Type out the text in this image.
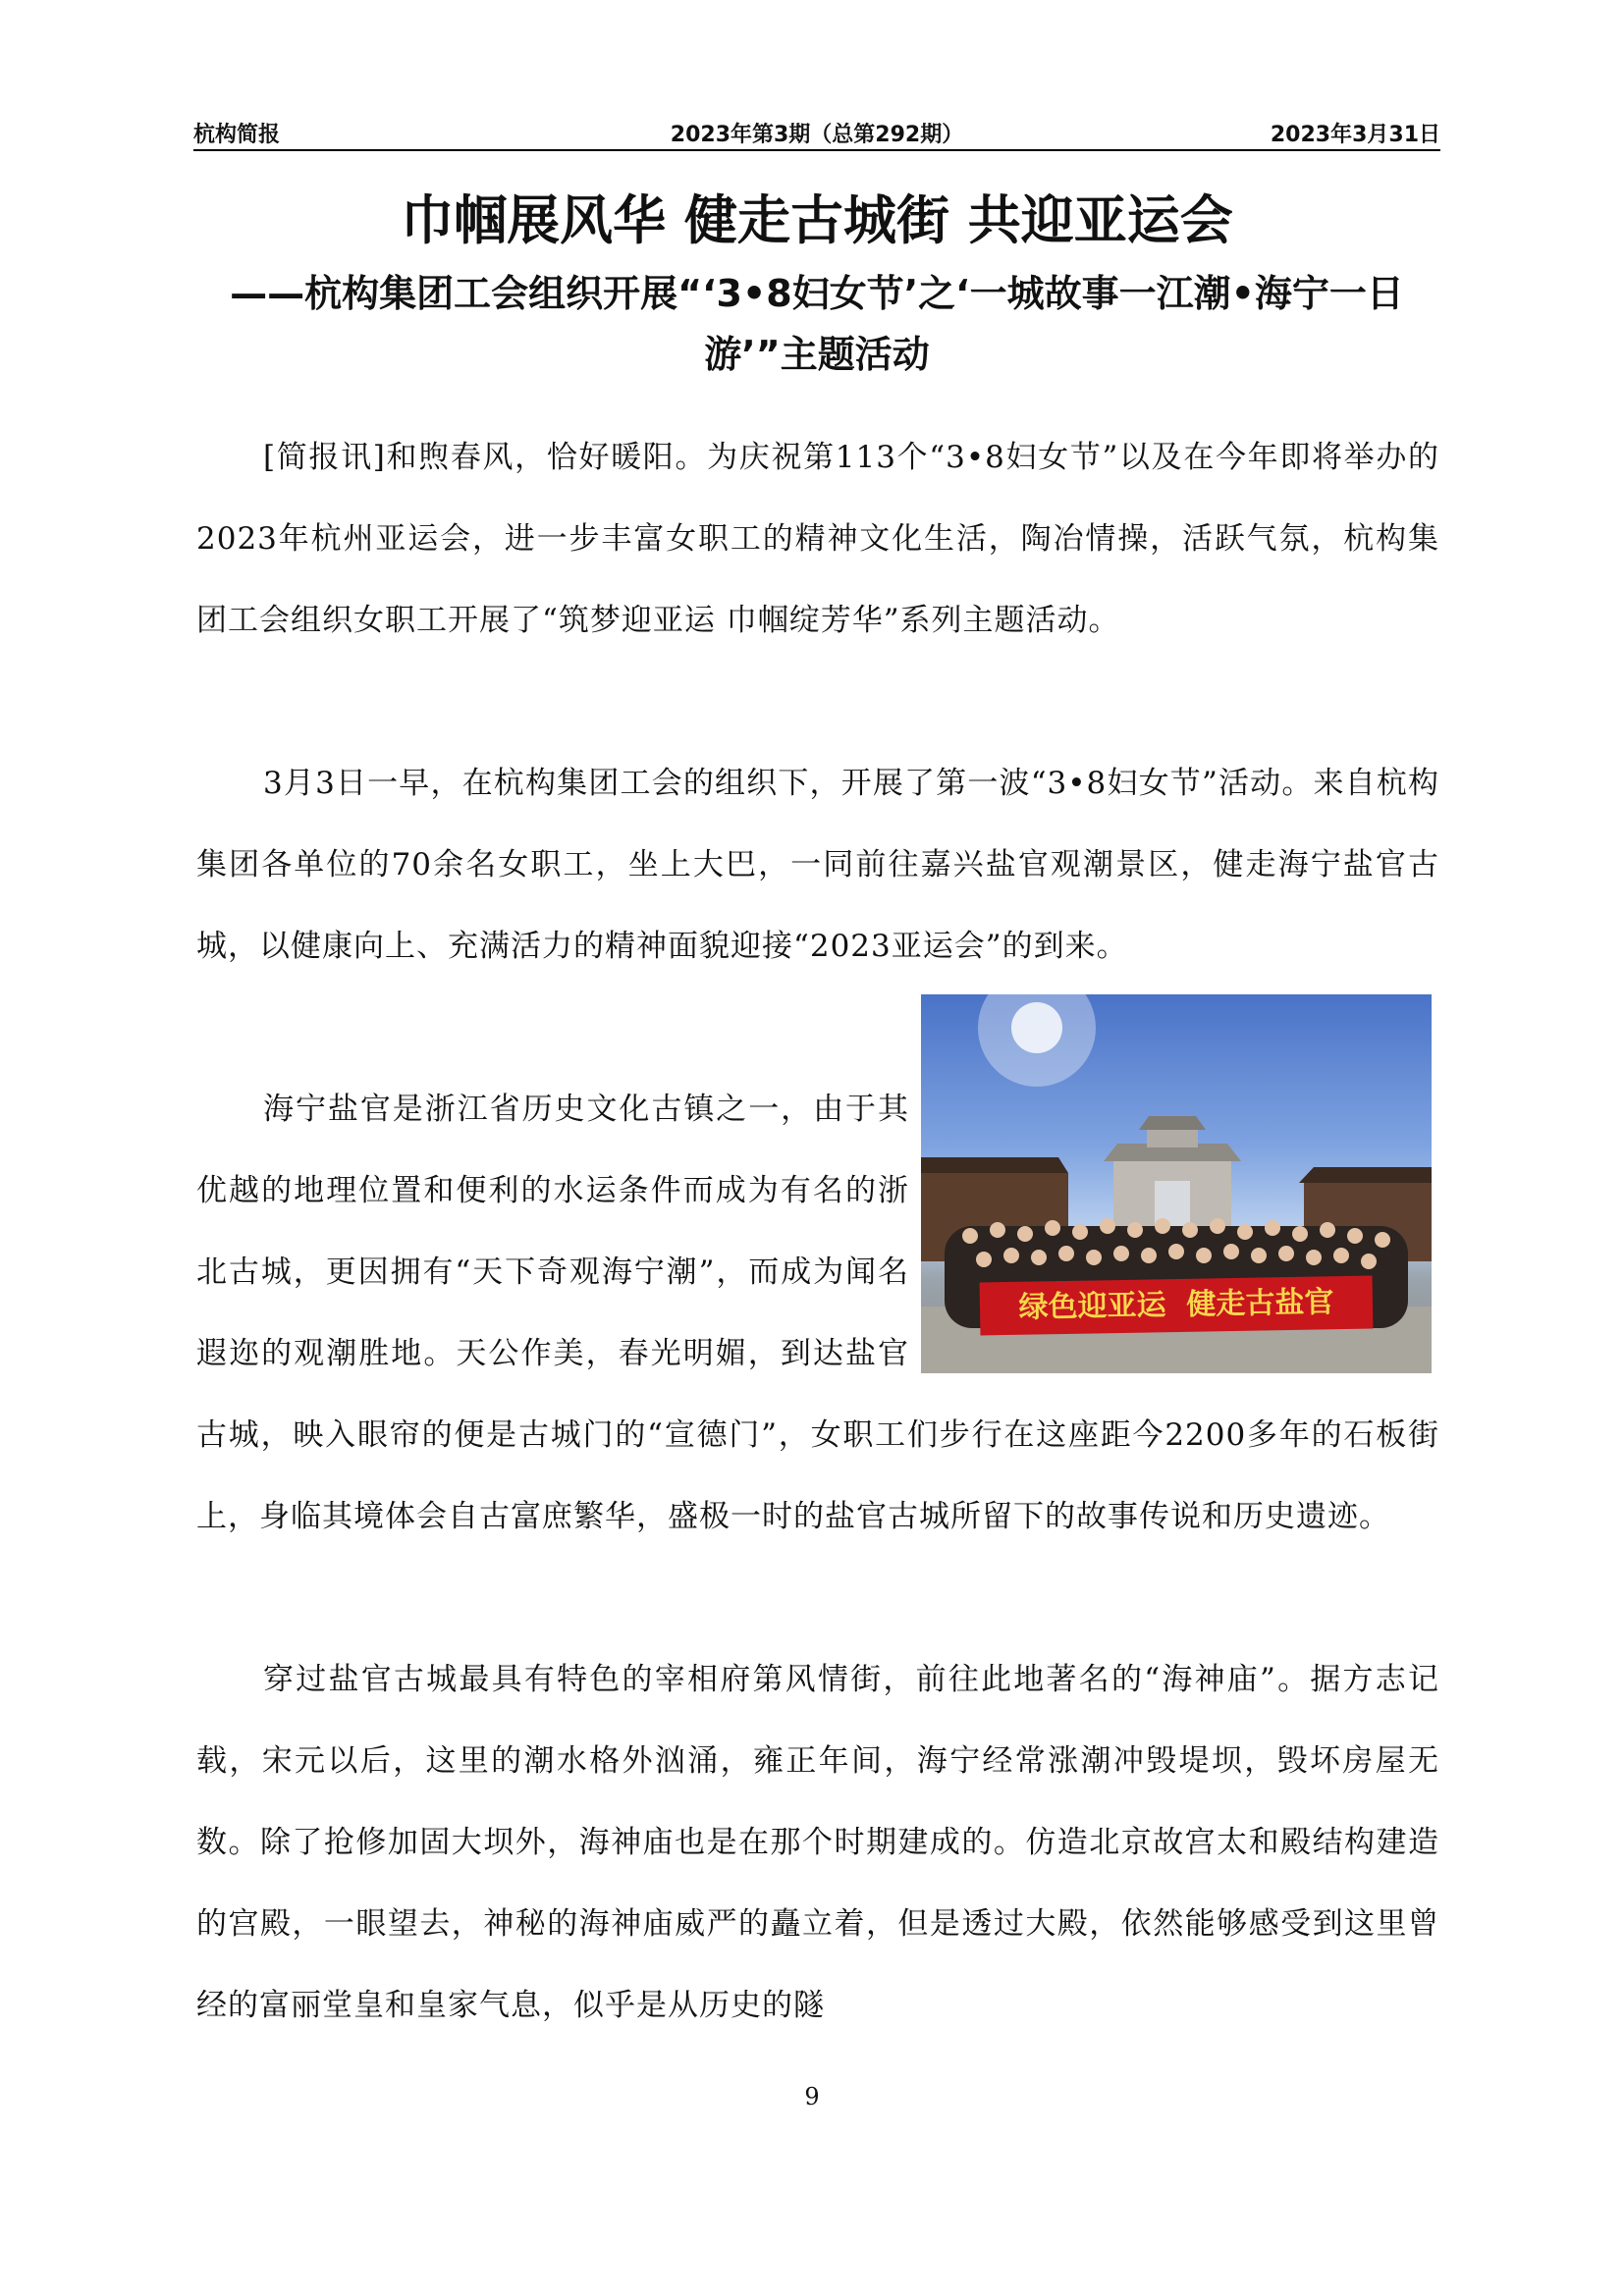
杭构简报	2023年第3期（总第292期）	2023年3月31日
巾帼展风华 健走古城街 共迎亚运会
——杭构集团工会组织开展“‘3•8妇女节’之‘一城故事一江潮•海宁一日游’”主题活动

[简报讯]和煦春风，恰好暖阳。为庆祝第113个“3•8妇女节”以及在今年即将举办的2023年杭州亚运会，进一步丰富女职工的精神文化生活，陶冶情操，活跃气氛，杭构集团工会组织女职工开展了“筑梦迎亚运 巾帼绽芳华”系列主题活动。

3月3日一早，在杭构集团工会的组织下，开展了第一波“3•8妇女节”活动。来自杭构集团各单位的70余名女职工，坐上大巴，一同前往嘉兴盐官观潮景区，健走海宁盐官古城，以健康向上、充满活力的精神面貌迎接“2023亚运会”的到来。

海宁盐官是浙江省历史文化古镇之一，由于其优越的地理位置和便利的水运条件而成为有名的浙北古城，更因拥有“天下奇观海宁潮”，而成为闻名遐迩的观潮胜地。天公作美，春光明媚，到达盐官古城，映入眼帘的便是古城门的“宣德门”，女职工们步行在这座距今2200多年的石板街上，身临其境体会自古富庶繁华，盛极一时的盐官古城所留下的故事传说和历史遗迹。

绿色迎亚运  健走古盐官

穿过盐官古城最具有特色的宰相府第风情街，前往此地著名的“海神庙”。据方志记载，宋元以后，这里的潮水格外汹涌，雍正年间，海宁经常涨潮冲毁堤坝，毁坏房屋无数。除了抢修加固大坝外，海神庙也是在那个时期建成的。仿造北京故宫太和殿结构建造的宫殿，一眼望去，神秘的海神庙威严的矗立着，但是透过大殿，依然能够感受到这里曾经的富丽堂皇和皇家气息，似乎是从历史的隧

9
